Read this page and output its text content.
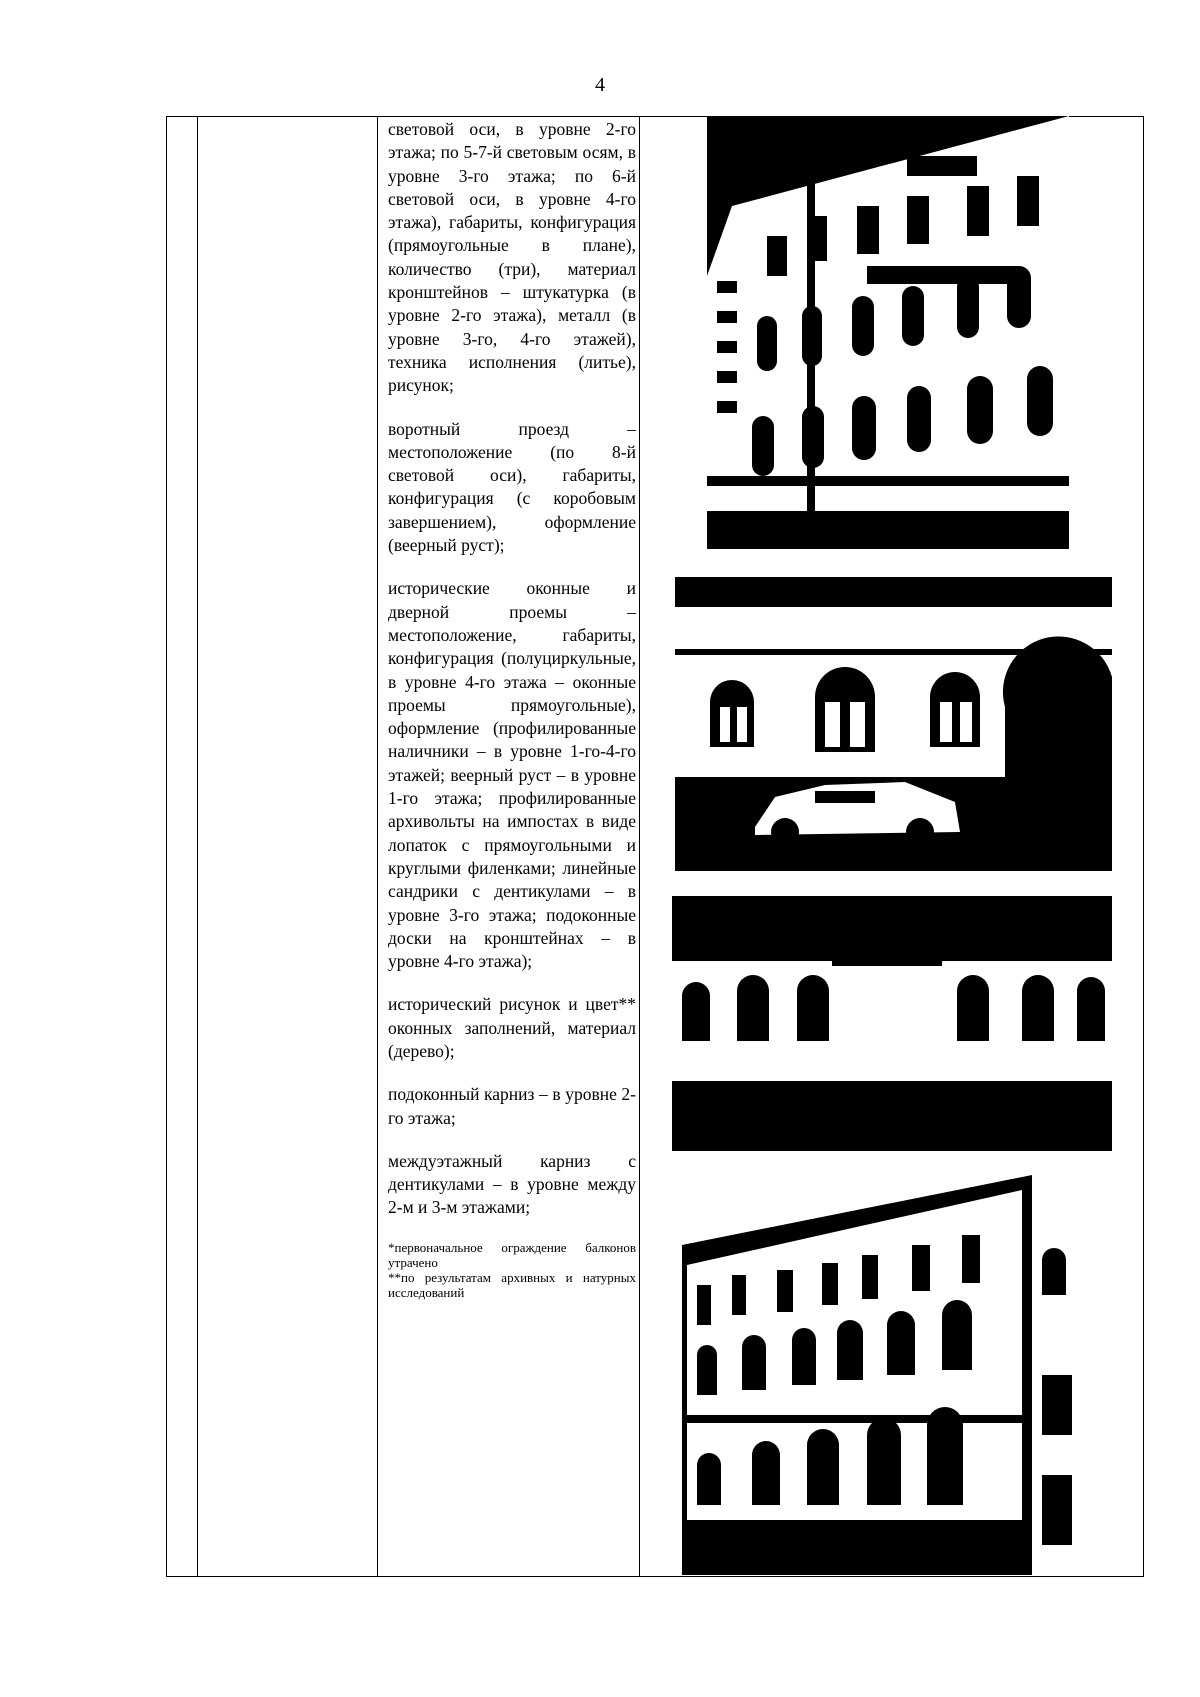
4

световой оси, в уровне 2-го этажа; по 5-7-й световым осям, в уровне 3-го этажа; по 6-й световой оси, в уровне 4-го этажа), габариты, конфигурация (прямоугольные в плане), количество (три), материал кронштейнов – штукатурка (в уровне 2-го этажа), металл (в уровне 3-го, 4-го этажей), техника исполнения (литье), рисунок;

воротный проезд – местоположение (по 8-й световой оси), габариты, конфигурация (с коробовым завершением), оформление (веерный руст);

исторические оконные и дверной проемы – местоположение, габариты, конфигурация (полуциркульные, в уровне 4-го этажа – оконные проемы прямоугольные), оформление (профилированные наличники – в уровне 1-го-4-го этажей; веерный руст – в уровне 1-го этажа; профилированные архивольты на импостах в виде лопаток с прямоугольными и круглыми филенками; линейные сандрики с дентикулами – в уровне 3-го этажа; подоконные доски на кронштейнах – в уровне 4-го этажа);

исторический рисунок и цвет** оконных заполнений, материал (дерево);

подоконный карниз – в уровне 2-го этажа;

междуэтажный карниз с дентикулами – в уровне между 2-м и 3-м этажами;

*первоначальное ограждение балконов утрачено
**по результатам архивных и натурных исследований
